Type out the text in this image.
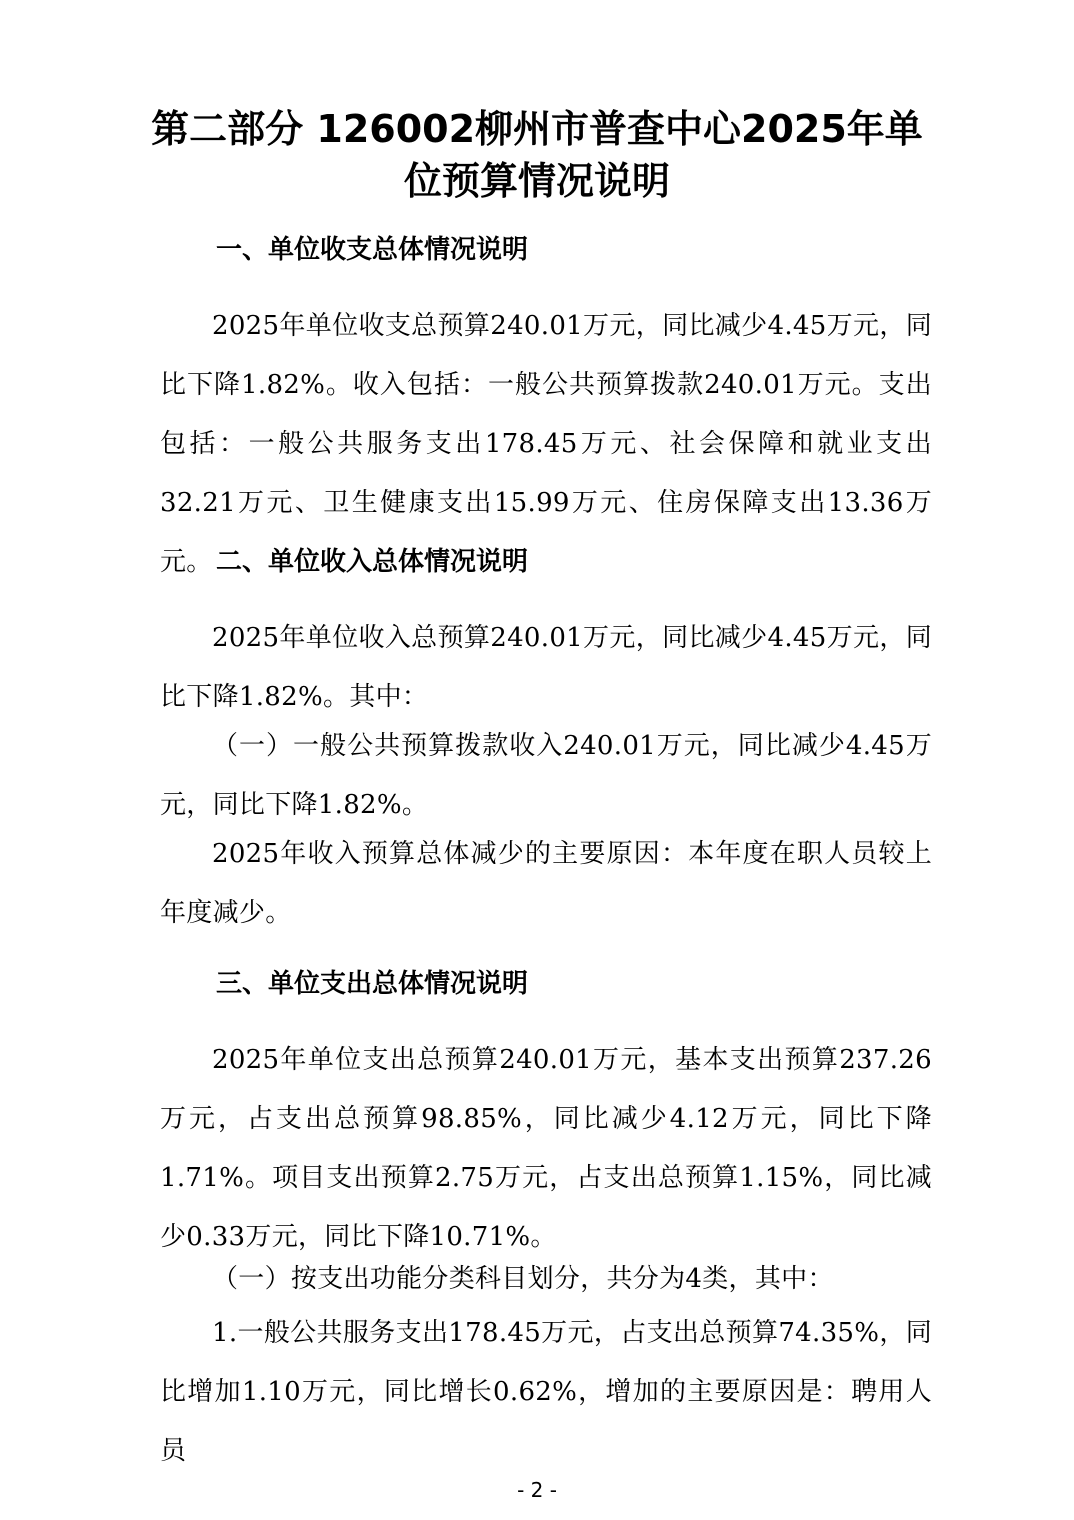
第二部分 126002柳州市普查中心2025年单位预算情况说明
一、单位收支总体情况说明

2025年单位收支总预算240.01万元，同比减少4.45万元，同比下降1.82%。收入包括：一般公共预算拨款240.01万元。支出包括：一般公共服务支出178.45万元、社会保障和就业支出32.21万元、卫生健康支出15.99万元、住房保障支出13.36万元。 二、单位收入总体情况说明

2025年单位收入总预算240.01万元，同比减少4.45万元，同比下降1.82%。其中：

（一）一般公共预算拨款收入240.01万元，同比减少4.45万元，同比下降1.82%。

2025年收入预算总体减少的主要原因：本年度在职人员较上年度减少。

三、单位支出总体情况说明

2025年单位支出总预算240.01万元，基本支出预算237.26万元，占支出总预算98.85%，同比减少4.12万元，同比下降1.71%。项目支出预算2.75万元，占支出总预算1.15%，同比减少0.33万元，同比下降10.71%。

（一）按支出功能分类科目划分，共分为4类，其中：

1.一般公共服务支出178.45万元，占支出总预算74.35%，同比增加1.10万元，同比增长0.62%，增加的主要原因是：聘用人员

- 2 -
